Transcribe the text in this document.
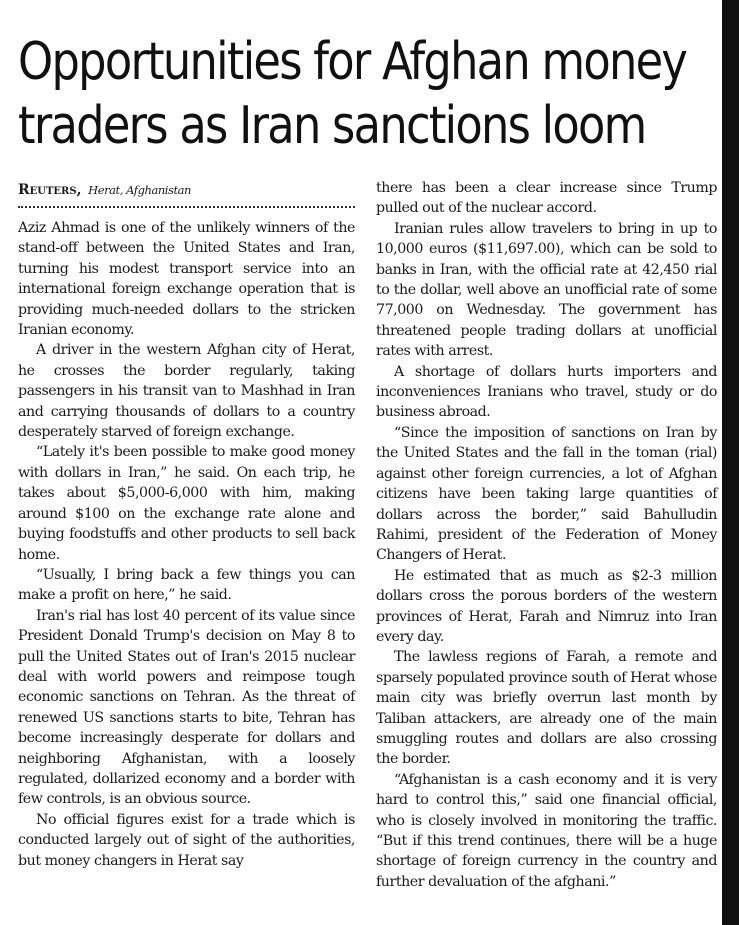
Opportunities for Afghan money
traders as Iran sanctions loom
Reuters, Herat, Afghanistan

Aziz Ahmad is one of the unlikely winners of the stand-off between the United States and Iran, turning his modest transport service into an international foreign exchange operation that is providing much-needed dollars to the stricken Iranian economy.

A driver in the western Afghan city of Herat, he crosses the border regularly, taking passengers in his transit van to Mashhad in Iran and carrying thousands of dollars to a country desperately starved of foreign exchange.

“Lately it's been possible to make good money with dollars in Iran,” he said. On each trip, he takes about $5,000-6,000 with him, making around $100 on the exchange rate alone and buying foodstuffs and other products to sell back home.

“Usually, I bring back a few things you can make a profit on here,” he said.

Iran's rial has lost 40 percent of its value since President Donald Trump's decision on May 8 to pull the United States out of Iran's 2015 nuclear deal with world powers and reimpose tough economic sanctions on Tehran. As the threat of renewed US sanctions starts to bite, Tehran has become increasingly desperate for dollars and neighboring Afghanistan, with a loosely regulated, dollarized economy and a border with few controls, is an obvious source.

No official figures exist for a trade which is conducted largely out of sight of the authorities, but money changers in Herat say

there has been a clear increase since Trump pulled out of the nuclear accord.

Iranian rules allow travelers to bring in up to 10,000 euros ($11,697.00), which can be sold to banks in Iran, with the official rate at 42,450 rial to the dollar, well above an unofficial rate of some 77,000 on Wednesday. The government has threatened people trading dollars at unofficial rates with arrest.

A shortage of dollars hurts importers and inconveniences Iranians who travel, study or do business abroad.

“Since the imposition of sanctions on Iran by the United States and the fall in the toman (rial) against other foreign currencies, a lot of Afghan citizens have been taking large quantities of dollars across the border,” said Bahulludin Rahimi, president of the Federation of Money Changers of Herat.

He estimated that as much as $2-3 million dollars cross the porous borders of the western provinces of Herat, Farah and Nimruz into Iran every day.

The lawless regions of Farah, a remote and sparsely populated province south of Herat whose main city was briefly overrun last month by Taliban attackers, are already one of the main smuggling routes and dollars are also crossing the border.

“Afghanistan is a cash economy and it is very hard to control this,” said one financial official, who is closely involved in monitoring the traffic. “But if this trend continues, there will be a huge shortage of foreign currency in the country and further devaluation of the afghani.”
